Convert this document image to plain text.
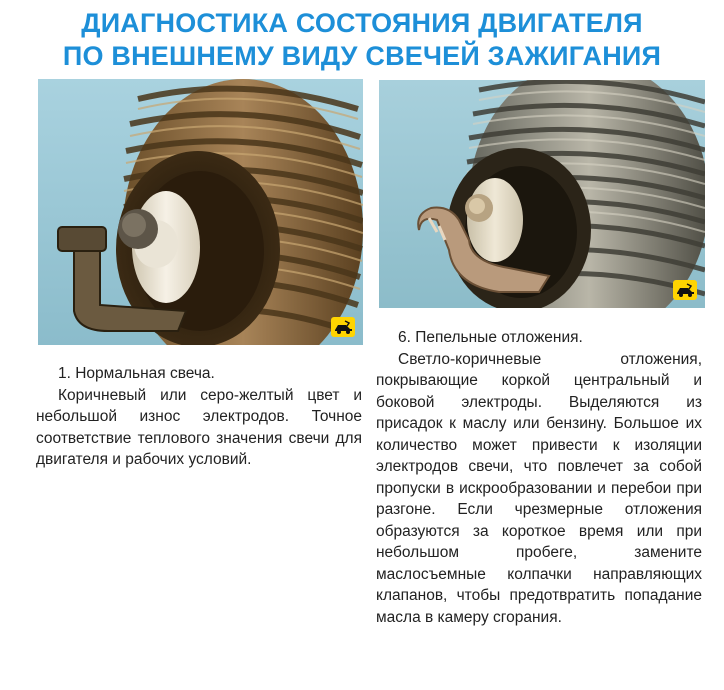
ДИАГНОСТИКА СОСТОЯНИЯ ДВИГАТЕЛЯ
ПО ВНЕШНЕМУ ВИДУ СВЕЧЕЙ ЗАЖИГАНИЯ
1. Нормальная свеча.

Коричневый или серо-желтый цвет и небольшой износ электродов. Точное соответствие теплового значения свечи для двигателя и рабочих условий.

6. Пепельные отложения.

Светло-коричневые отложения, покрывающие коркой центральный и боковой электроды. Выделяются из присадок к маслу или бензину. Большое их количество может привести к изоляции электродов свечи, что повлечет за собой пропуски в искрообразовании и перебои при разгоне. Если чрезмерные отложения образуются за короткое время или при небольшом пробеге, замените маслосъемные колпачки направляющих клапанов, чтобы предотвратить попадание масла в камеру сгорания.
